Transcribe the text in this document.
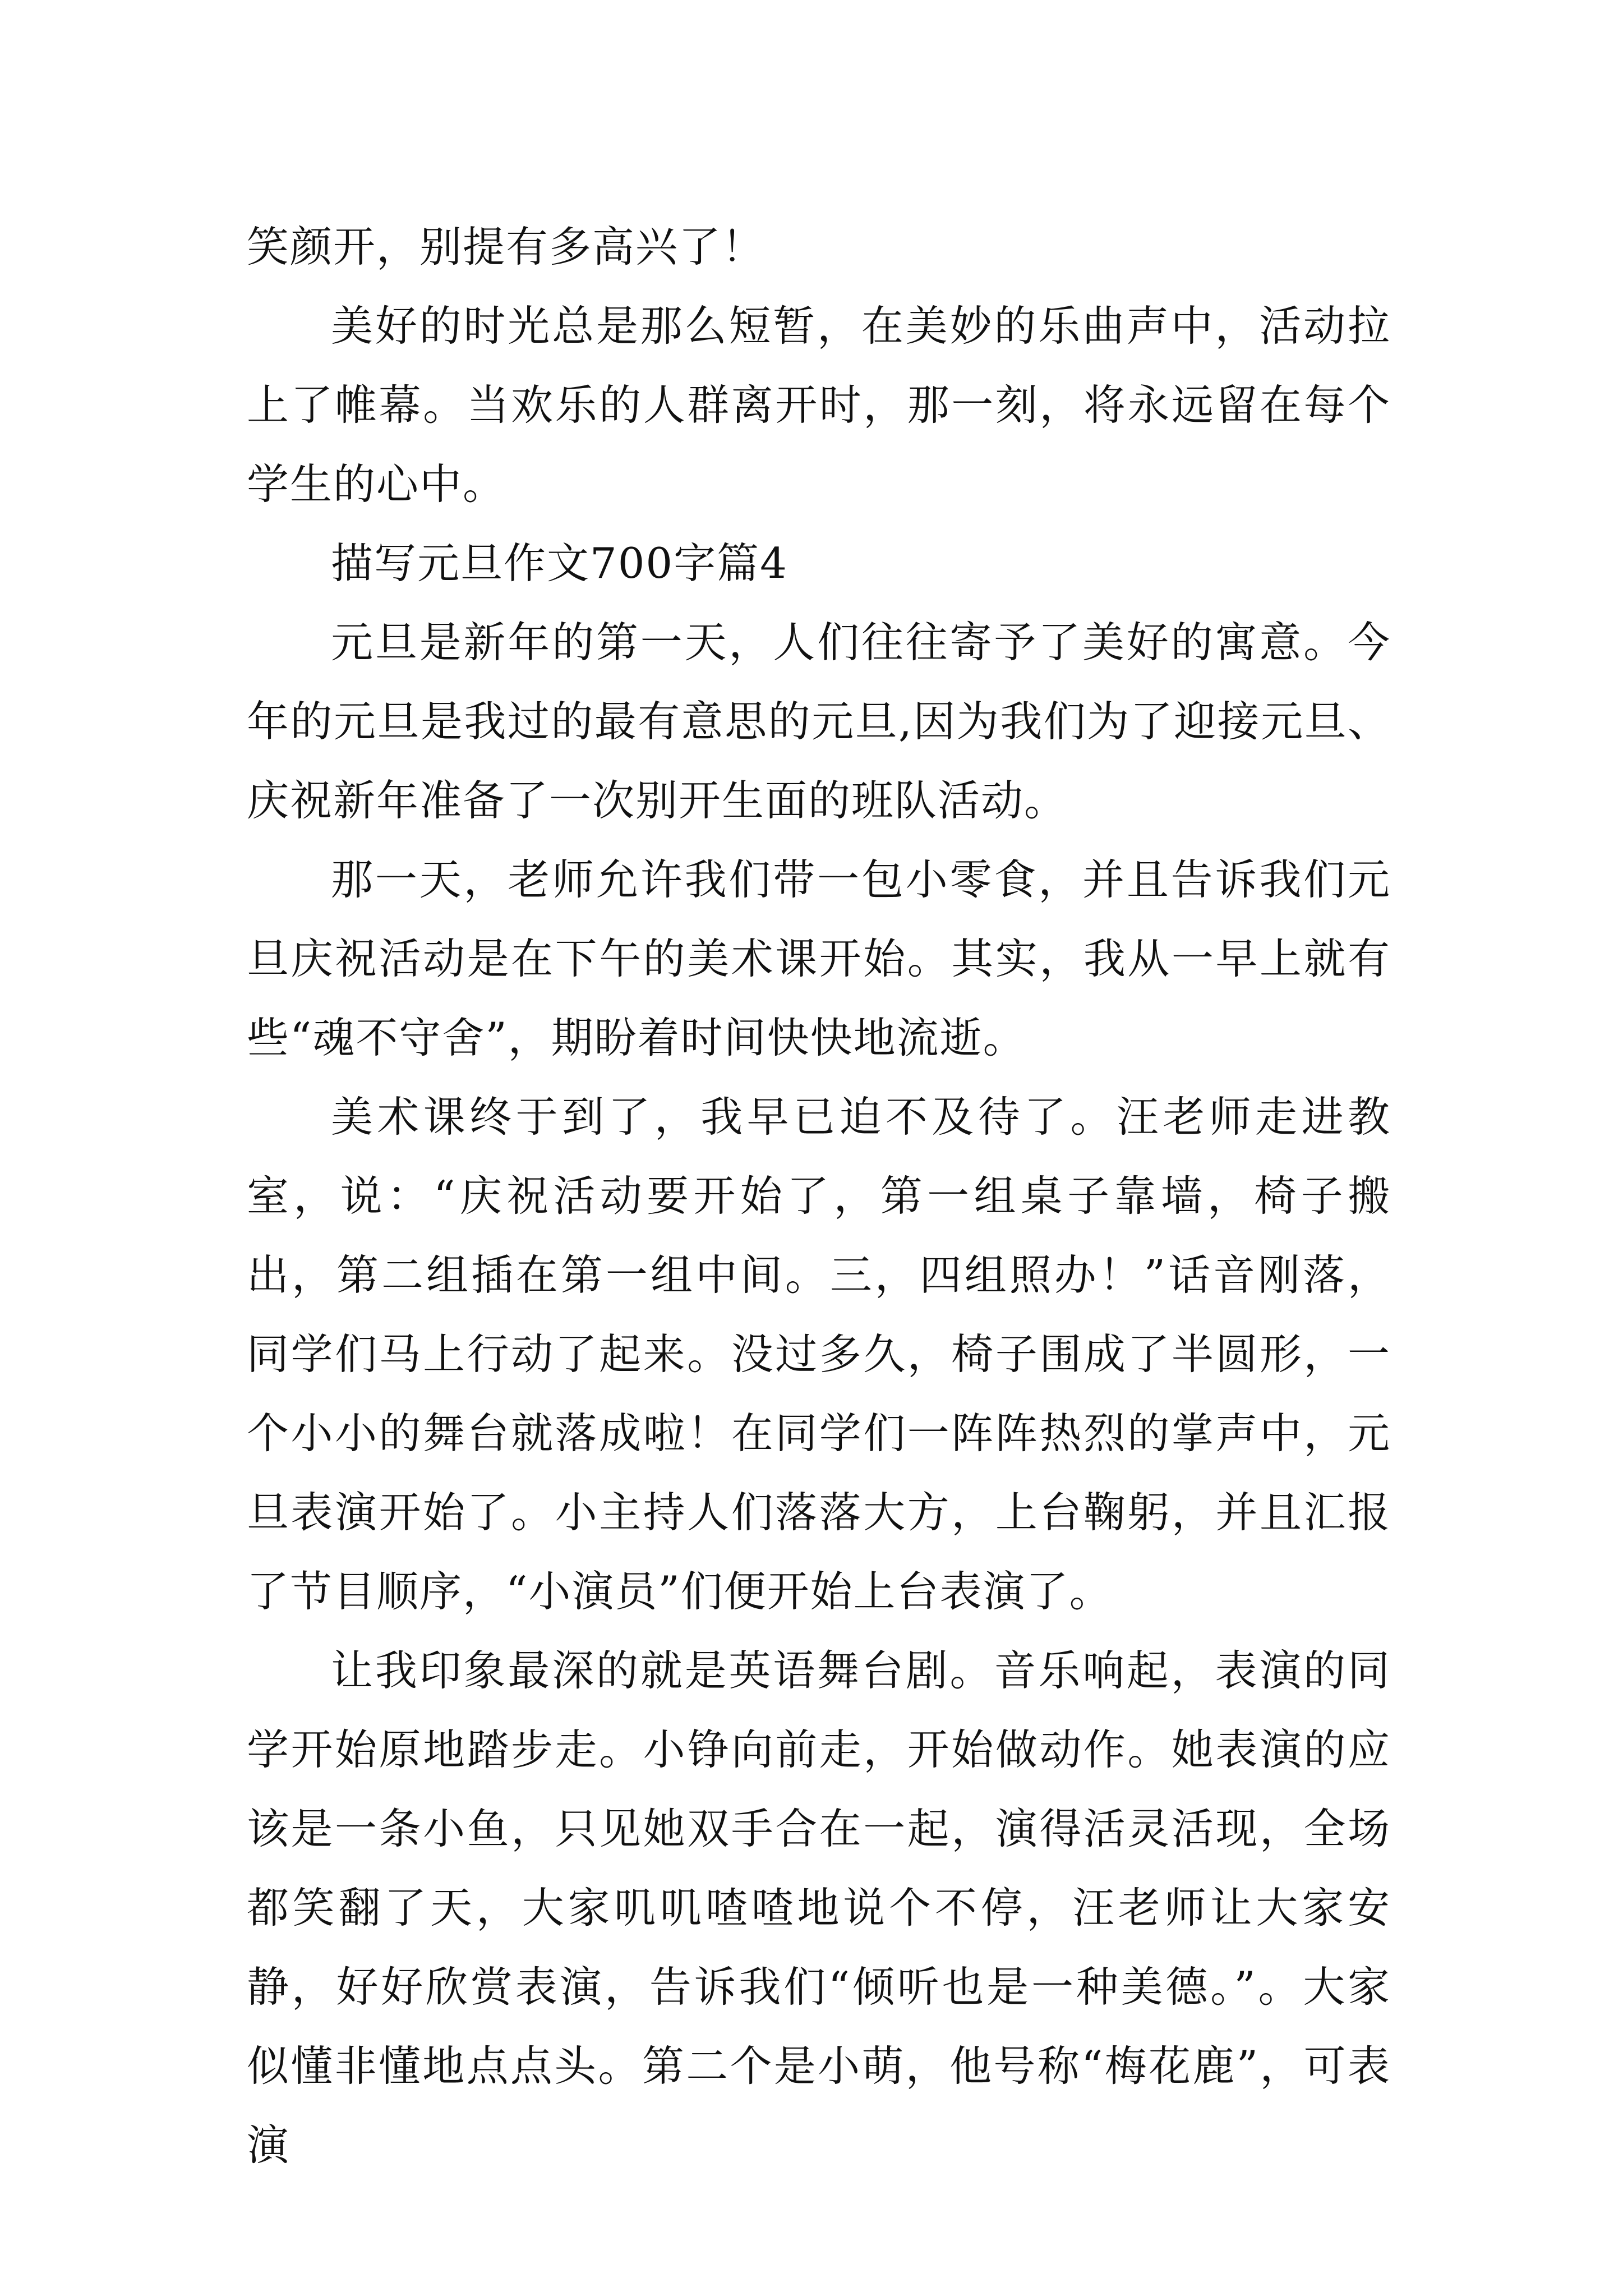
笑颜开，别提有多高兴了！

美好的时光总是那么短暂，在美妙的乐曲声中，活动拉上了帷幕。当欢乐的人群离开时，那一刻，将永远留在每个学生的心中。

描写元旦作文700字篇4

元旦是新年的第一天，人们往往寄予了美好的寓意。今年的元旦是我过的最有意思的元旦,因为我们为了迎接元旦、庆祝新年准备了一次别开生面的班队活动。

那一天，老师允许我们带一包小零食，并且告诉我们元旦庆祝活动是在下午的美术课开始。其实，我从一早上就有些“魂不守舍”，期盼着时间快快地流逝。

美术课终于到了，我早已迫不及待了。汪老师走进教室，说：“庆祝活动要开始了，第一组桌子靠墙，椅子搬出，第二组插在第一组中间。三，四组照办！”话音刚落，同学们马上行动了起来。没过多久，椅子围成了半圆形，一个小小的舞台就落成啦！在同学们一阵阵热烈的掌声中，元旦表演开始了。小主持人们落落大方，上台鞠躬，并且汇报了节目顺序，“小演员”们便开始上台表演了。

让我印象最深的就是英语舞台剧。音乐响起，表演的同学开始原地踏步走。小铮向前走，开始做动作。她表演的应该是一条小鱼，只见她双手合在一起，演得活灵活现，全场都笑翻了天，大家叽叽喳喳地说个不停，汪老师让大家安静，好好欣赏表演，告诉我们“倾听也是一种美德。”。大家似懂非懂地点点头。第二个是小萌，他号称“梅花鹿”，可表演
